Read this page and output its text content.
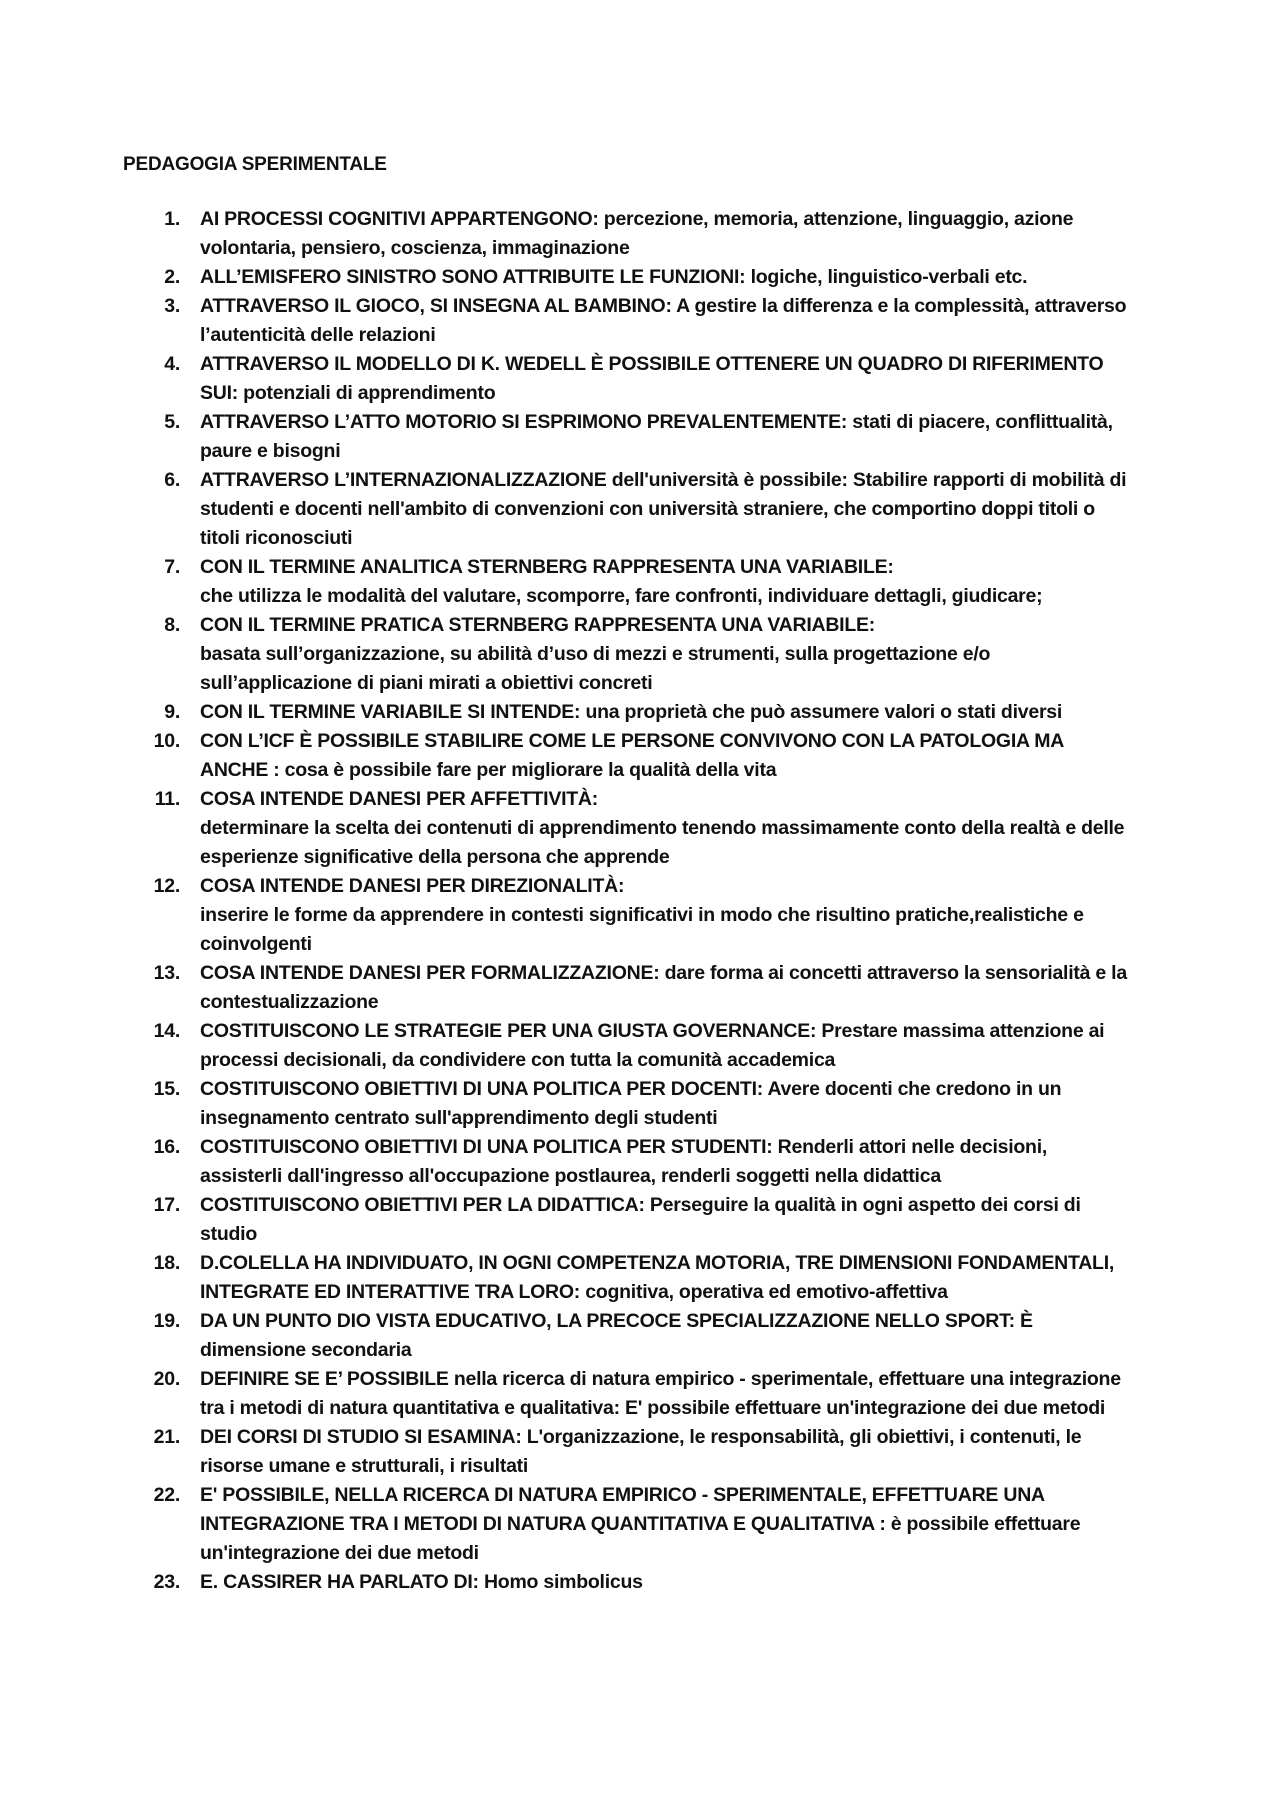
PEDAGOGIA SPERIMENTALE
1. AI PROCESSI COGNITIVI APPARTENGONO: percezione, memoria, attenzione, linguaggio, azione volontaria, pensiero, coscienza, immaginazione
2. ALL’EMISFERO SINISTRO SONO ATTRIBUITE LE FUNZIONI: logiche, linguistico-verbali etc.
3. ATTRAVERSO IL GIOCO, SI INSEGNA AL BAMBINO: A gestire la differenza e la complessità, attraverso l’autenticità delle relazioni
4. ATTRAVERSO IL MODELLO DI K. WEDELL È POSSIBILE OTTENERE UN QUADRO DI RIFERIMENTO SUI: potenziali di apprendimento
5. ATTRAVERSO L’ATTO MOTORIO SI ESPRIMONO PREVALENTEMENTE: stati di piacere, conflittualità, paure e bisogni
6. ATTRAVERSO L’INTERNAZIONALIZZAZIONE dell'università è possibile: Stabilire rapporti di mobilità di studenti e docenti nell'ambito di convenzioni con università straniere, che comportino doppi titoli o titoli riconosciuti
7. CON IL TERMINE ANALITICA STERNBERG RAPPRESENTA UNA VARIABILE:
che utilizza le modalità del valutare, scomporre, fare confronti, individuare dettagli, giudicare;
8. CON IL TERMINE PRATICA STERNBERG RAPPRESENTA UNA VARIABILE:
basata sull’organizzazione, su abilità d’uso di mezzi e strumenti, sulla progettazione e/o sull’applicazione di piani mirati a obiettivi concreti
9. CON IL TERMINE VARIABILE SI INTENDE: una proprietà che può assumere valori o stati diversi
10. CON L’ICF È POSSIBILE STABILIRE COME LE PERSONE CONVIVONO CON LA PATOLOGIA MA ANCHE : cosa è possibile fare per migliorare la qualità della vita
11. COSA INTENDE DANESI PER AFFETTIVITÀ:
determinare la scelta dei contenuti di apprendimento tenendo massimamente conto della realtà e delle esperienze significative della persona che apprende
12. COSA INTENDE DANESI PER DIREZIONALITÀ:
inserire le forme da apprendere in contesti significativi in modo che risultino pratiche,realistiche e coinvolgenti
13. COSA INTENDE DANESI PER FORMALIZZAZIONE: dare forma ai concetti attraverso la sensorialità e la contestualizzazione
14. COSTITUISCONO LE STRATEGIE PER UNA GIUSTA GOVERNANCE: Prestare massima attenzione ai processi decisionali, da condividere con tutta la comunità accademica
15. COSTITUISCONO OBIETTIVI DI UNA POLITICA PER DOCENTI: Avere docenti che credono in un insegnamento centrato sull'apprendimento degli studenti
16. COSTITUISCONO OBIETTIVI DI UNA POLITICA PER STUDENTI: Renderli attori nelle decisioni, assisterli dall'ingresso all'occupazione postlaurea, renderli soggetti nella didattica
17. COSTITUISCONO OBIETTIVI PER LA DIDATTICA: Perseguire la qualità in ogni aspetto dei corsi di studio
18. D.COLELLA HA INDIVIDUATO, IN OGNI COMPETENZA MOTORIA, TRE DIMENSIONI FONDAMENTALI, INTEGRATE ED INTERATTIVE TRA LORO: cognitiva, operativa ed emotivo-affettiva
19. DA UN PUNTO DIO VISTA EDUCATIVO, LA PRECOCE SPECIALIZZAZIONE NELLO SPORT: È dimensione secondaria
20. DEFINIRE SE E’ POSSIBILE nella ricerca di natura empirico - sperimentale, effettuare una integrazione tra i metodi di natura quantitativa e qualitativa: E' possibile effettuare un'integrazione dei due metodi
21. DEI CORSI DI STUDIO SI ESAMINA: L'organizzazione, le responsabilità, gli obiettivi, i contenuti, le risorse umane e strutturali, i risultati
22. E' POSSIBILE, NELLA RICERCA DI NATURA EMPIRICO - SPERIMENTALE, EFFETTUARE UNA INTEGRAZIONE TRA I METODI DI NATURA QUANTITATIVA E QUALITATIVA : è possibile effettuare un'integrazione dei due metodi
23. E. CASSIRER HA PARLATO DI: Homo simbolicus
